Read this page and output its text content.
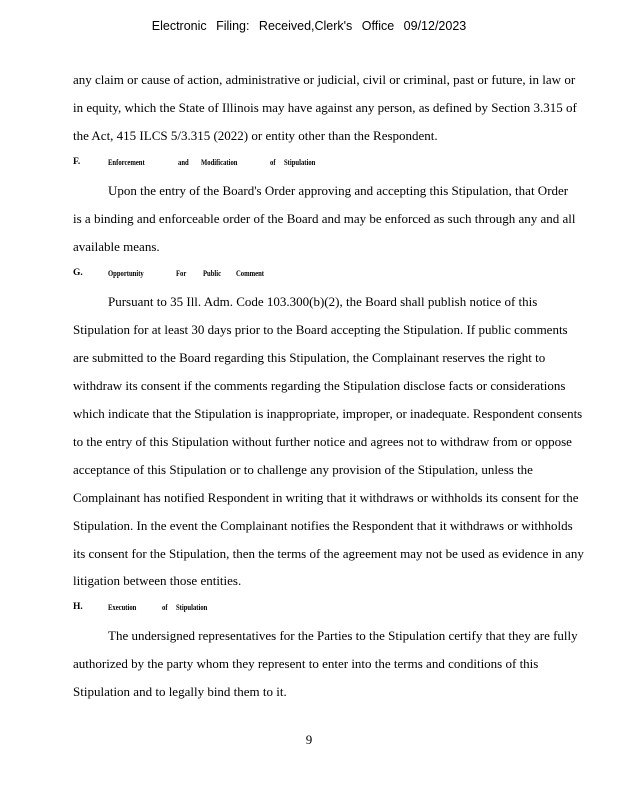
Electronic Filing: Received,Clerk's Office 09/12/2023
any claim or cause of action, administrative or judicial, civil or criminal, past or future, in law or
in equity, which the State of Illinois may have against any person, as defined by Section 3.315 of
the Act, 415 ILCS 5/3.315 (2022) or entity other than the Respondent.
F.	Enforcement	and Modification	of Stipulation
Upon the entry of the Board's Order approving and accepting this Stipulation, that Order
is a binding and enforceable order of the Board and may be enforced as such through any and all
available means.
G.	Opportunity	For Public Comment
Pursuant to 35 Ill. Adm. Code 103.300(b)(2), the Board shall publish notice of this
Stipulation for at least 30 days prior to the Board accepting the Stipulation. If public comments
are submitted to the Board regarding this Stipulation, the Complainant reserves the right to
withdraw its consent if the comments regarding the Stipulation disclose facts or considerations
which indicate that the Stipulation is inappropriate, improper, or inadequate. Respondent consents
to the entry of this Stipulation without further notice and agrees not to withdraw from or oppose
acceptance of this Stipulation or to challenge any provision of the Stipulation, unless the
Complainant has notified Respondent in writing that it withdraws or withholds its consent for the
Stipulation. In the event the Complainant notifies the Respondent that it withdraws or withholds
its consent for the Stipulation, then the terms of the agreement may not be used as evidence in any
litigation between those entities.
H.	Execution	of Stipulation
The undersigned representatives for the Parties to the Stipulation certify that they are fully
authorized by the party whom they represent to enter into the terms and conditions of this
Stipulation and to legally bind them to it.
9
